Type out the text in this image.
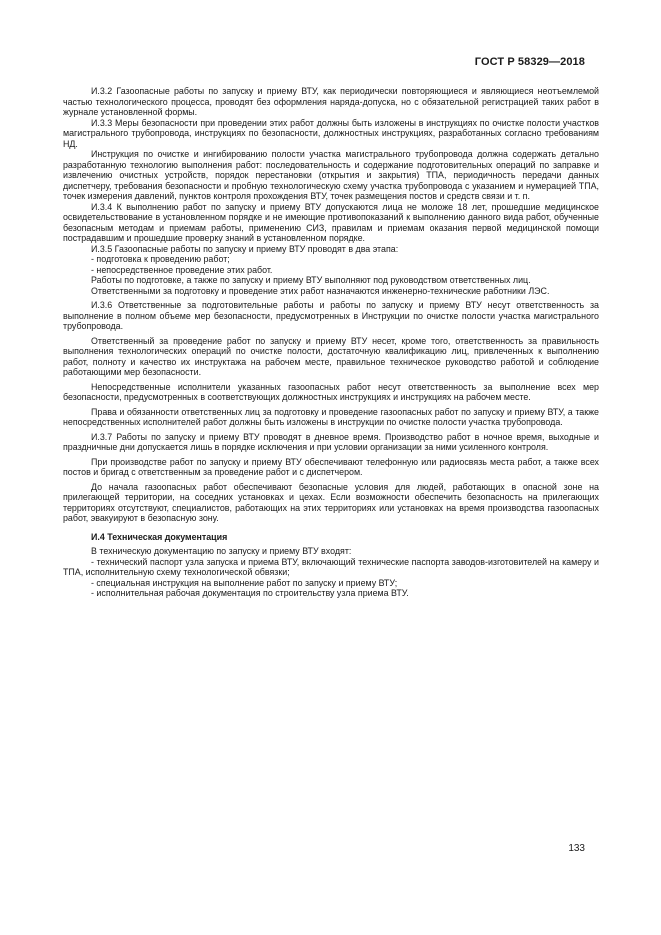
ГОСТ Р 58329—2018

И.3.2 Газоопасные работы по запуску и приему ВТУ, как периодически повторяющиеся и являющиеся неотъемлемой частью технологического процесса, проводят без оформления наряда-допуска, но с обязательной регистрацией таких работ в журнале установленной формы.

И.3.3 Меры безопасности при проведении этих работ должны быть изложены в инструкциях по очистке полости участков магистрального трубопровода, инструкциях по безопасности, должностных инструкциях, разработанных согласно требованиям НД.

Инструкция по очистке и ингибированию полости участка магистрального трубопровода должна содержать детально разработанную технологию выполнения работ: последовательность и содержание подготовительных операций по заправке и извлечению очистных устройств, порядок перестановки (открытия и закрытия) ТПА, периодичность передачи данных диспетчеру, требования безопасности и пробную технологическую схему участка трубопровода с указанием и нумерацией ТПА, точек измерения давлений, пунктов контроля прохождения ВТУ, точек размещения постов и средств связи и т. п.

И.3.4 К выполнению работ по запуску и приему ВТУ допускаются лица не моложе 18 лет, прошедшие медицинское освидетельствование в установленном порядке и не имеющие противопоказаний к выполнению данного вида работ, обученные безопасным методам и приемам работы, применению СИЗ, правилам и приемам оказания первой медицинской помощи пострадавшим и прошедшие проверку знаний в установленном порядке.

И.3.5 Газоопасные работы по запуску и приему ВТУ проводят в два этапа:

- подготовка к проведению работ;

- непосредственное проведение этих работ.

Работы по подготовке, а также по запуску и приему ВТУ выполняют под руководством ответственных лиц.

Ответственными за подготовку и проведение этих работ назначаются инженерно-технические работники ЛЭС.

И.3.6 Ответственные за подготовительные работы и работы по запуску и приему ВТУ несут ответственность за выполнение в полном объеме мер безопасности, предусмотренных в Инструкции по очистке полости участка магистрального трубопровода.

Ответственный за проведение работ по запуску и приему ВТУ несет, кроме того, ответственность за правильность выполнения технологических операций по очистке полости, достаточную квалификацию лиц, привлеченных к выполнению работ, полноту и качество их инструктажа на рабочем месте, правильное техническое руководство работой и соблюдение работающими мер безопасности.

Непосредственные исполнители указанных газоопасных работ несут ответственность за выполнение всех мер безопасности, предусмотренных в соответствующих должностных инструкциях и инструкциях на рабочем месте.

Права и обязанности ответственных лиц за подготовку и проведение газоопасных работ по запуску и приему ВТУ, а также непосредственных исполнителей работ должны быть изложены в инструкции по очистке полости участка трубопровода.

И.3.7 Работы по запуску и приему ВТУ проводят в дневное время. Производство работ в ночное время, выходные и праздничные дни допускается лишь в порядке исключения и при условии организации за ними усиленного контроля.

При производстве работ по запуску и приему ВТУ обеспечивают телефонную или радиосвязь места работ, а также всех постов и бригад с ответственным за проведение работ и с диспетчером.

До начала газоопасных работ обеспечивают безопасные условия для людей, работающих в опасной зоне на прилегающей территории, на соседних установках и цехах. Если возможности обеспечить безопасность на прилегающих территориях отсутствуют, специалистов, работающих на этих территориях или установках на время производства газоопасных работ, эвакуируют в безопасную зону.

И.4 Техническая документация

В техническую документацию по запуску и приему ВТУ входят:

- технический паспорт узла запуска и приема ВТУ, включающий технические паспорта заводов-изготовителей на камеру и ТПА, исполнительную схему технологической обвязки;

- специальная инструкция на выполнение работ по запуску и приему ВТУ;

- исполнительная рабочая документация по строительству узла приема ВТУ.

133
